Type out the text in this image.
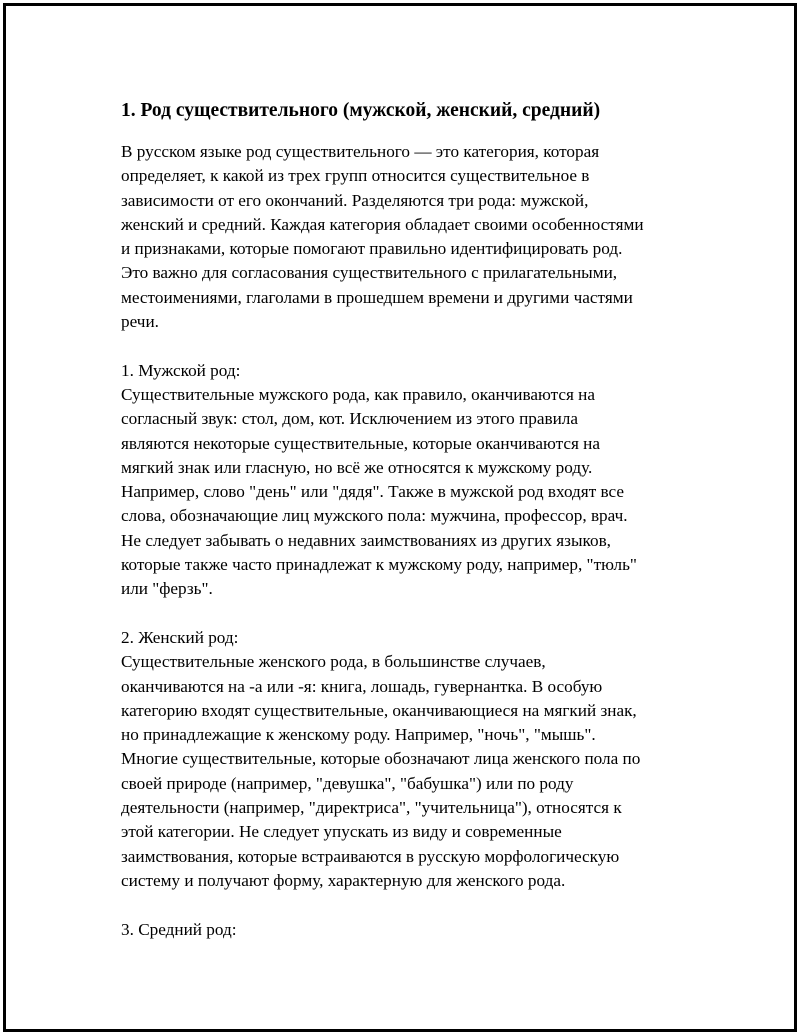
1. Род существительного (мужской, женский, средний)
В русском языке род существительного — это категория, которая
определяет, к какой из трех групп относится существительное в
зависимости от его окончаний. Разделяются три рода: мужской,
женский и средний. Каждая категория обладает своими особенностями
и признаками, которые помогают правильно идентифицировать род.
Это важно для согласования существительного с прилагательными,
местоимениями, глаголами в прошедшем времени и другими частями
речи.
1. Мужской род:
Существительные мужского рода, как правило, оканчиваются на
согласный звук: стол, дом, кот. Исключением из этого правила
являются некоторые существительные, которые оканчиваются на
мягкий знак или гласную, но всё же относятся к мужскому роду.
Например, слово "день" или "дядя". Также в мужской род входят все
слова, обозначающие лиц мужского пола: мужчина, профессор, врач.
Не следует забывать о недавних заимствованиях из других языков,
которые также часто принадлежат к мужскому роду, например, "тюль"
или "ферзь".
2. Женский род:
Существительные женского рода, в большинстве случаев,
оканчиваются на -а или -я: книга, лошадь, гувернантка. В особую
категорию входят существительные, оканчивающиеся на мягкий знак,
но принадлежащие к женскому роду. Например, "ночь", "мышь".
Многие существительные, которые обозначают лица женского пола по
своей природе (например, "девушка", "бабушка") или по роду
деятельности (например, "директриса", "учительница"), относятся к
этой категории. Не следует упускать из виду и современные
заимствования, которые встраиваются в русскую морфологическую
систему и получают форму, характерную для женского рода.
3. Средний род:
